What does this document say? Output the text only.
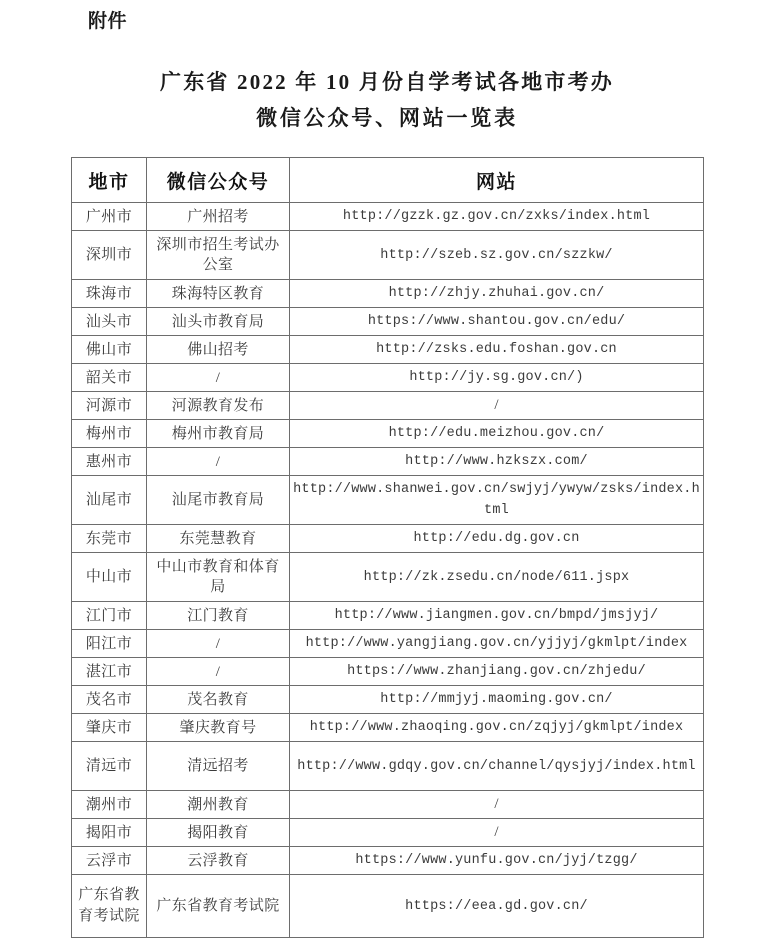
附件
广东省 2022 年 10 月份自学考试各地市考办
微信公众号、网站一览表
地市	微信公众号	网站
广州市	广州招考	http://gzzk.gz.gov.cn/zxks/index.html
深圳市	深圳市招生考试办公室	http://szeb.sz.gov.cn/szzkw/
珠海市	珠海特区教育	http://zhjy.zhuhai.gov.cn/
汕头市	汕头市教育局	https://www.shantou.gov.cn/edu/
佛山市	佛山招考	http://zsks.edu.foshan.gov.cn
韶关市	/	http://jy.sg.gov.cn/)
河源市	河源教育发布	/
梅州市	梅州市教育局	http://edu.meizhou.gov.cn/
惠州市	/	http://www.hzkszx.com/
汕尾市	汕尾市教育局	http://www.shanwei.gov.cn/swjyj/ywyw/zsks/index.html
东莞市	东莞慧教育	http://edu.dg.gov.cn
中山市	中山市教育和体育局	http://zk.zsedu.cn/node/611.jspx
江门市	江门教育	http://www.jiangmen.gov.cn/bmpd/jmsjyj/
阳江市	/	http://www.yangjiang.gov.cn/yjjyj/gkmlpt/index
湛江市	/	https://www.zhanjiang.gov.cn/zhjedu/
茂名市	茂名教育	http://mmjyj.maoming.gov.cn/
肇庆市	肇庆教育号	http://www.zhaoqing.gov.cn/zqjyj/gkmlpt/index
清远市	清远招考	http://www.gdqy.gov.cn/channel/qysjyj/index.html
潮州市	潮州教育	/
揭阳市	揭阳教育	/
云浮市	云浮教育	https://www.yunfu.gov.cn/jyj/tzgg/
广东省教育考试院	广东省教育考试院	https://eea.gd.gov.cn/
